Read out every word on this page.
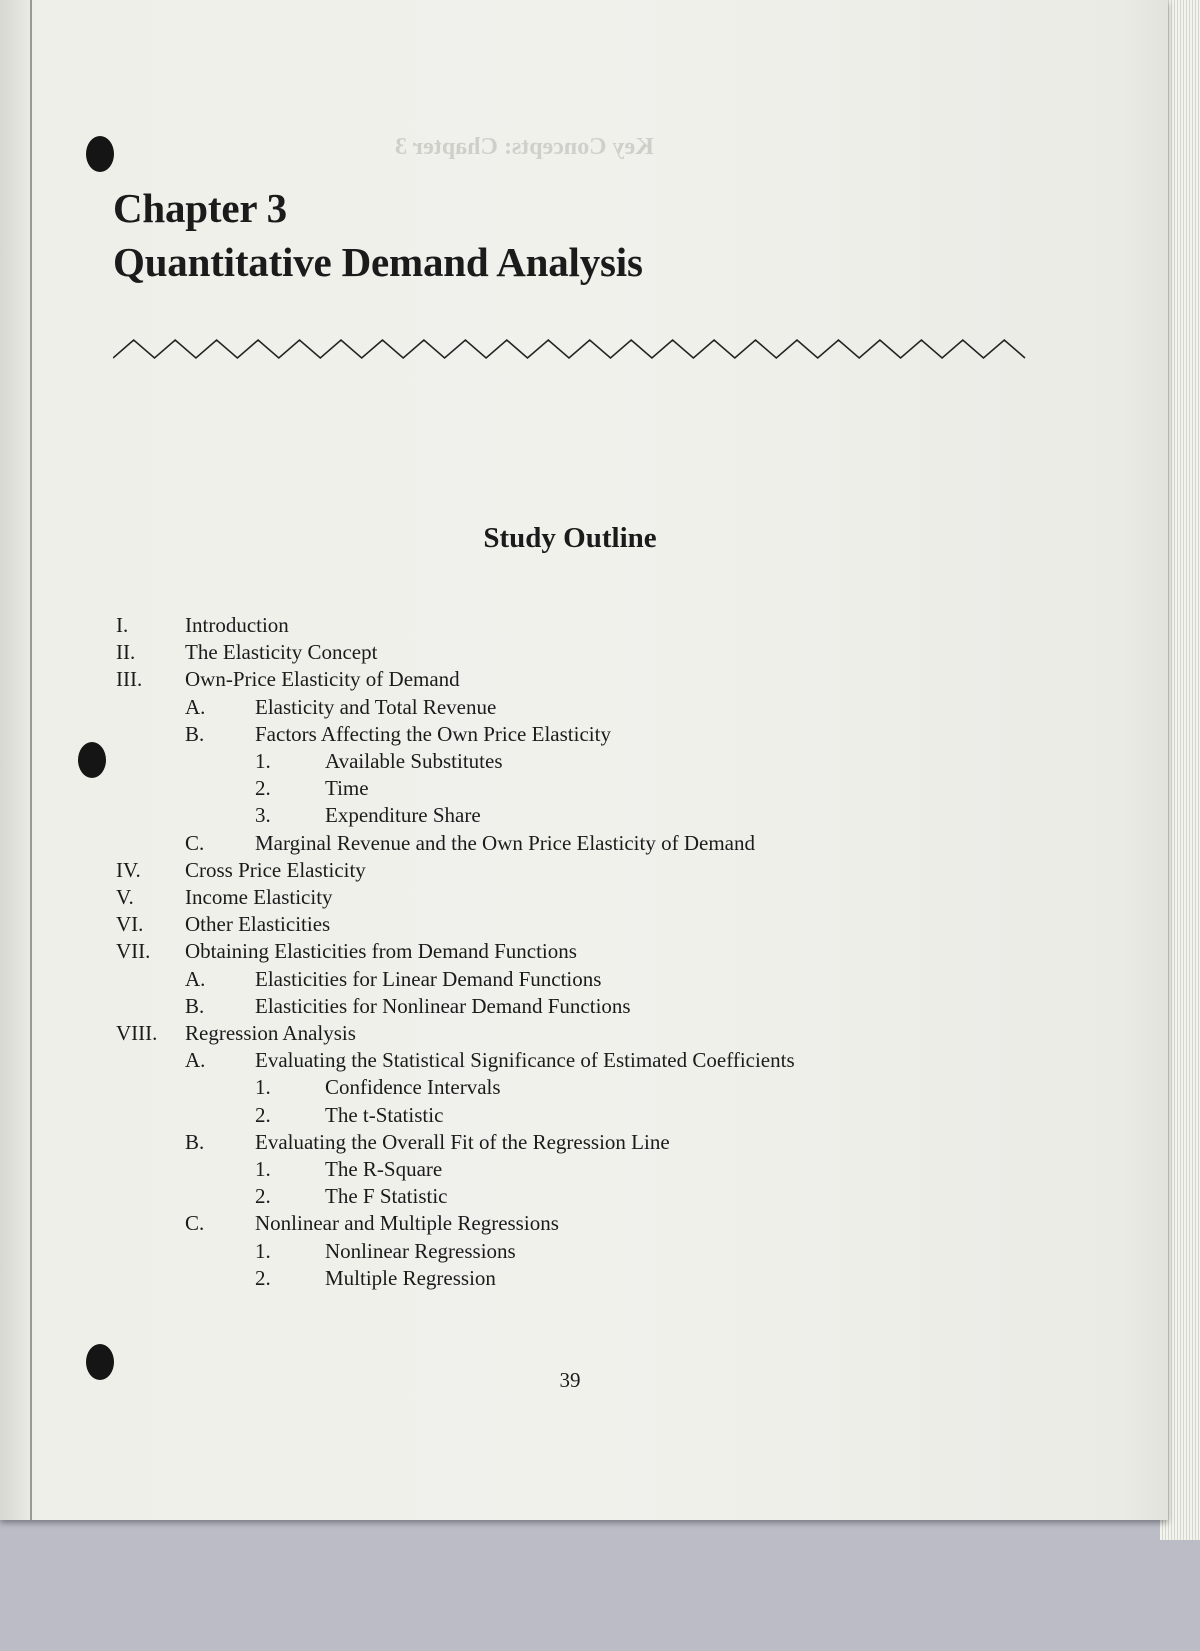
Key Concepts: Chapter 3
Chapter 3
Quantitative Demand Analysis
Study Outline
I.	Introduction
II. The Elasticity Concept
III. Own-Price Elasticity of Demand
A. Elasticity and Total Revenue
B. Factors Affecting the Own Price Elasticity
1.	Available Substitutes
2.	Time
3.	Expenditure Share
C. Marginal Revenue and the Own Price Elasticity of Demand
IV. Cross Price Elasticity
V. Income Elasticity
VI. Other Elasticities
VII. Obtaining Elasticities from Demand Functions
A. Elasticities for Linear Demand Functions
B. Elasticities for Nonlinear Demand Functions
VIII. Regression Analysis
A. Evaluating the Statistical Significance of Estimated Coefficients
1.	Confidence Intervals
2.	The t-Statistic
B. Evaluating the Overall Fit of the Regression Line
1.	The R-Square
2.	The F Statistic
C. Nonlinear and Multiple Regressions
1.	Nonlinear Regressions
2.	Multiple Regression
39
